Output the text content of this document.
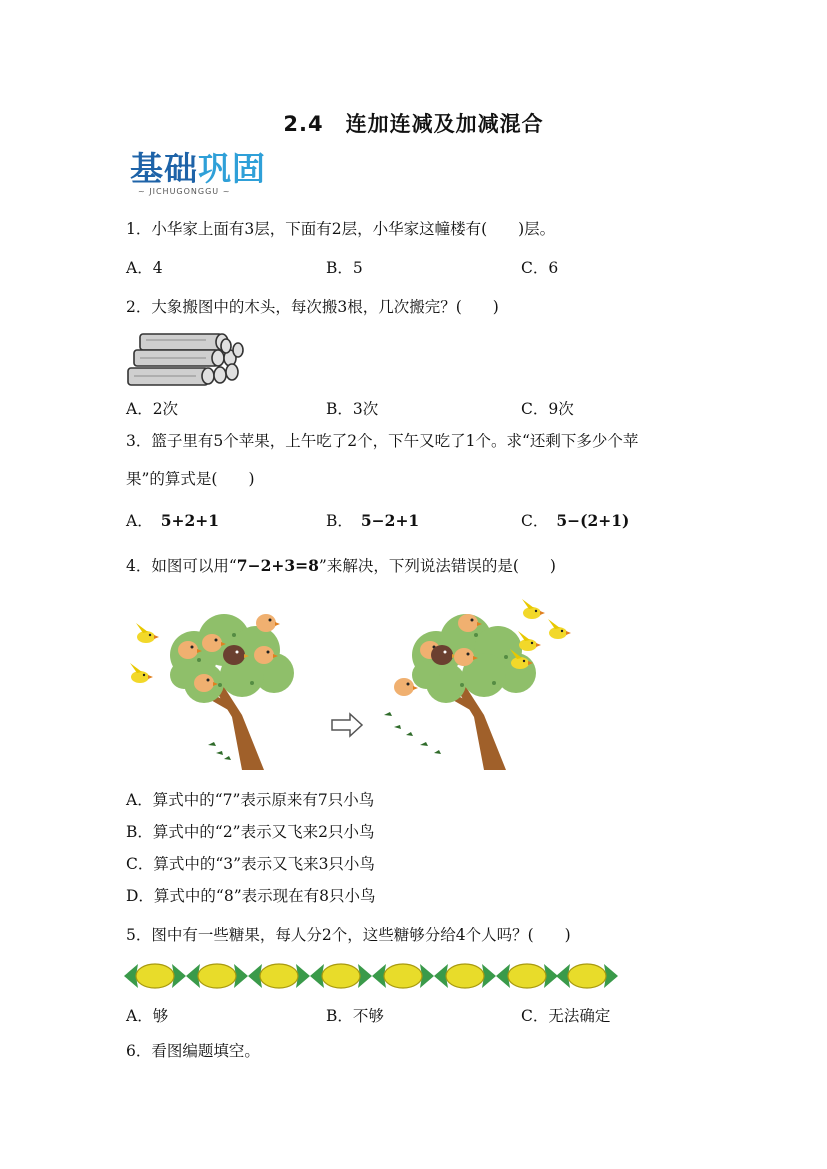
2.4　连加连减及加减混合
基础巩固
~ JICHUGONGGU ~
1．小华家上面有3层，下面有2层，小华家这幢楼有(　　)层。
A．4	B．5	C．6
2．大象搬图中的木头，每次搬3根，几次搬完？(　　)
A．2次	B．3次	C．9次
3．篮子里有5个苹果，上午吃了2个，下午又吃了1个。求“还剩下多少个苹
果”的算式是(　　)
A． 5+2+1	B． 5−2+1	C． 5−(2+1)
4．如图可以用“7−2+3=8”来解决，下列说法错误的是(　　)
A．算式中的“7”表示原来有7只小鸟
B．算式中的“2”表示又飞来2只小鸟
C．算式中的“3”表示又飞来3只小鸟
D．算式中的“8”表示现在有8只小鸟
5．图中有一些糖果，每人分2个，这些糖够分给4个人吗？(　　)
A．够	B．不够	C．无法确定
6．看图编题填空。
